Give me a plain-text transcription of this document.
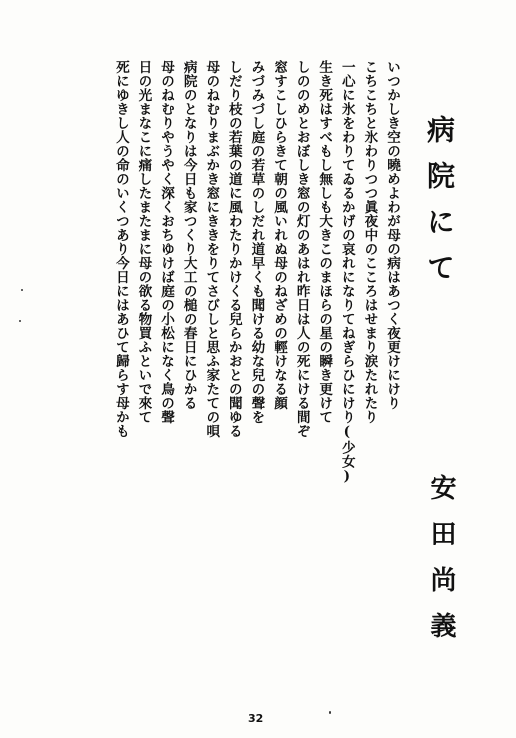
病院にて
いつかしき空の曉めよわが母の病はあつく夜更けにけり
こちこちと氷わりつつ眞夜中のこころはせまり涙たれたり
一心に氷をわりてゐるかげの哀れになりてねぎらひにけり(少女)
生き死はすべもし無しも大きこのまほらの星の瞬き更けて
しののめとおぼしき窓の灯のあはれ昨日は人の死にける間ぞ
窓すこしひらきて朝の風いれぬ母のねざめの輕けなる顔
みづみづし庭の若草のしだれ道早くも聞ける幼な兒の聲を
しだり枝の若葉の道に風わたりかけくる兒らかおとの聞ゆる
母のねむりまぶかき窓にききをりてさびしと思ふ家たての唄
病院のとなりは今日も家つくり大工の槌の春日にひかる
母のねむりやうやく深くおちゆけば庭の小松になく鳥の聲
日の光まなこに痛したまたまに母の欲る物買ふといで來て
死にゆきし人の命のいくつあり今日にはあひて歸らす母かも
安田尚義
32
